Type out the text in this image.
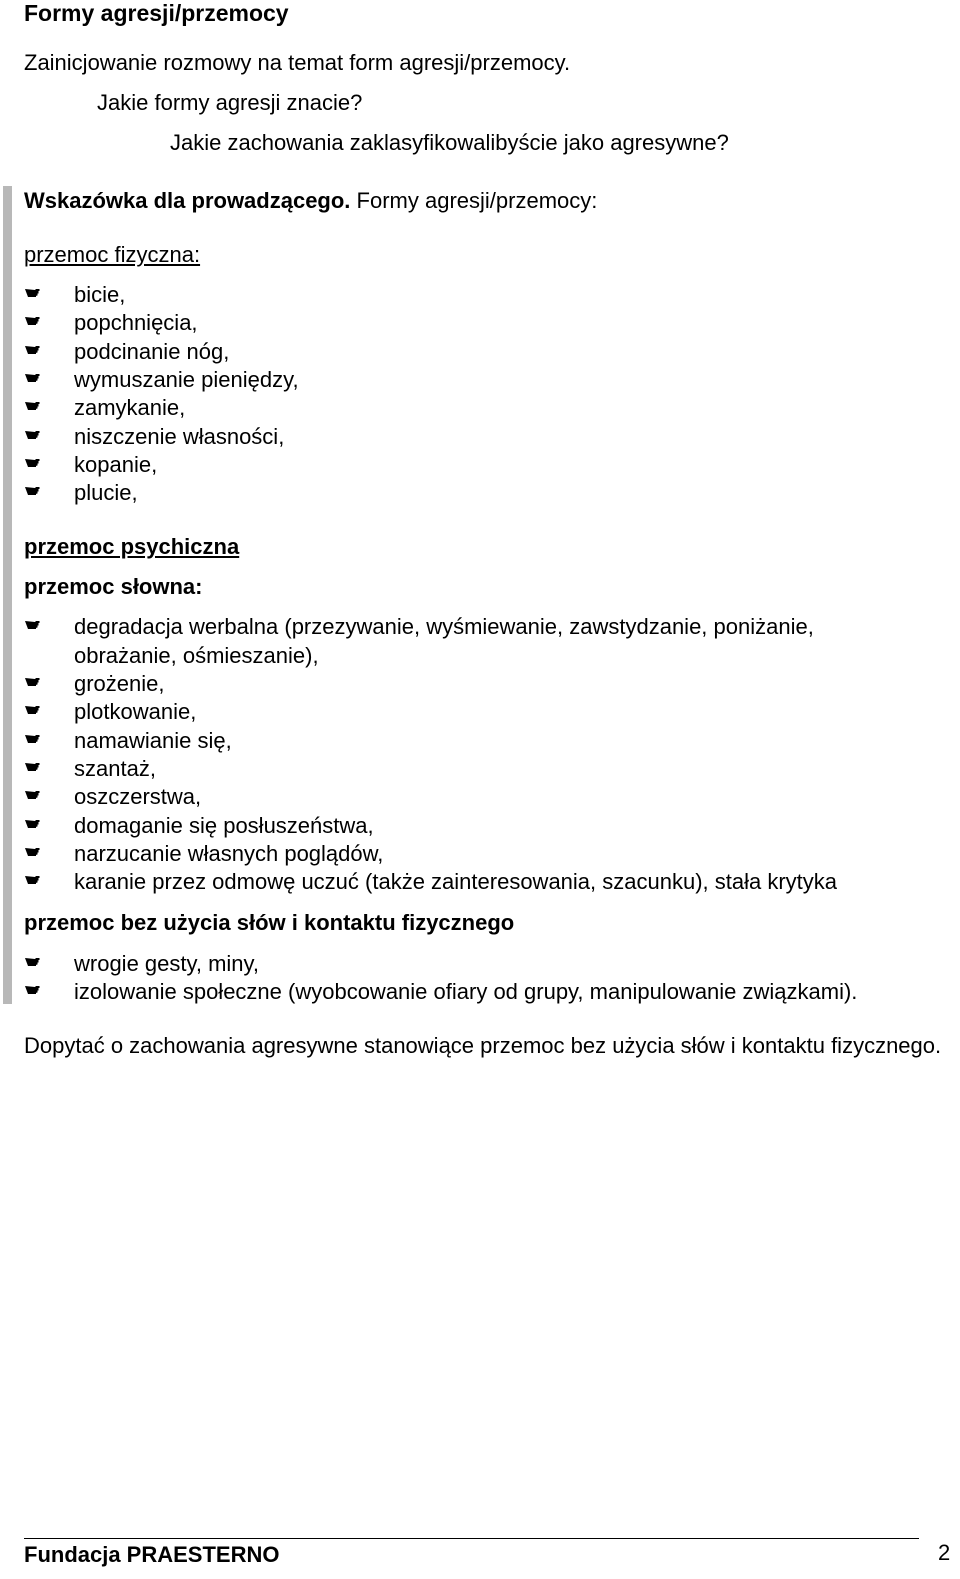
Formy agresji/przemocy
Zainicjowanie rozmowy na temat form agresji/przemocy.
Jakie formy agresji znacie?
Jakie zachowania zaklasyfikowalibyście jako agresywne?
Wskazówka dla prowadzącego. Formy agresji/przemocy:
przemoc fizyczna:
bicie,
popchnięcia,
podcinanie nóg,
wymuszanie pieniędzy,
zamykanie,
niszczenie własności,
kopanie,
plucie,
przemoc psychiczna
przemoc słowna:
degradacja werbalna (przezywanie, wyśmiewanie, zawstydzanie, poniżanie,
obrażanie, ośmieszanie),
grożenie,
plotkowanie,
namawianie się,
szantaż,
oszczerstwa,
domaganie się posłuszeństwa,
narzucanie własnych poglądów,
karanie przez odmowę uczuć (także zainteresowania, szacunku), stała krytyka
przemoc bez użycia słów i kontaktu fizycznego
wrogie gesty, miny,
izolowanie społeczne (wyobcowanie ofiary od grupy, manipulowanie związkami).
Dopytać o zachowania agresywne stanowiące przemoc bez użycia słów i kontaktu fizycznego.
Fundacja PRAESTERNO	2
